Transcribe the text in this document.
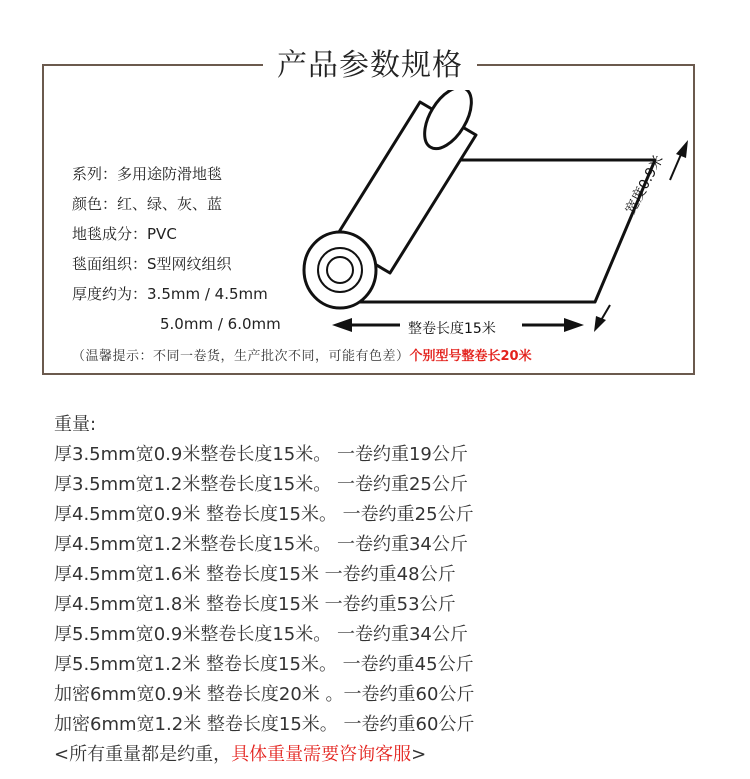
产品参数规格
系列：多用途防滑地毯
颜色：红、绿、灰、蓝
地毯成分：PVC
毯面组织：S型网纹组织
厚度约为：3.5mm / 4.5mm
5.0mm / 6.0mm	整卷长度15米
宽度0.9米
（温馨提示：不同一卷货，生产批次不同，可能有色差）个别型号整卷长20米
重量:
厚3.5mm宽0.9米整卷长度15米。 一卷约重19公斤
厚3.5mm宽1.2米整卷长度15米。 一卷约重25公斤
厚4.5mm宽0.9米 整卷长度15米。 一卷约重25公斤
厚4.5mm宽1.2米整卷长度15米。 一卷约重34公斤
厚4.5mm宽1.6米 整卷长度15米 一卷约重48公斤
厚4.5mm宽1.8米 整卷长度15米 一卷约重53公斤
厚5.5mm宽0.9米整卷长度15米。 一卷约重34公斤
厚5.5mm宽1.2米 整卷长度15米。 一卷约重45公斤
加密6mm宽0.9米 整卷长度20米 。一卷约重60公斤
加密6mm宽1.2米 整卷长度15米。 一卷约重60公斤
<所有重量都是约重，具体重量需要咨询客服>
